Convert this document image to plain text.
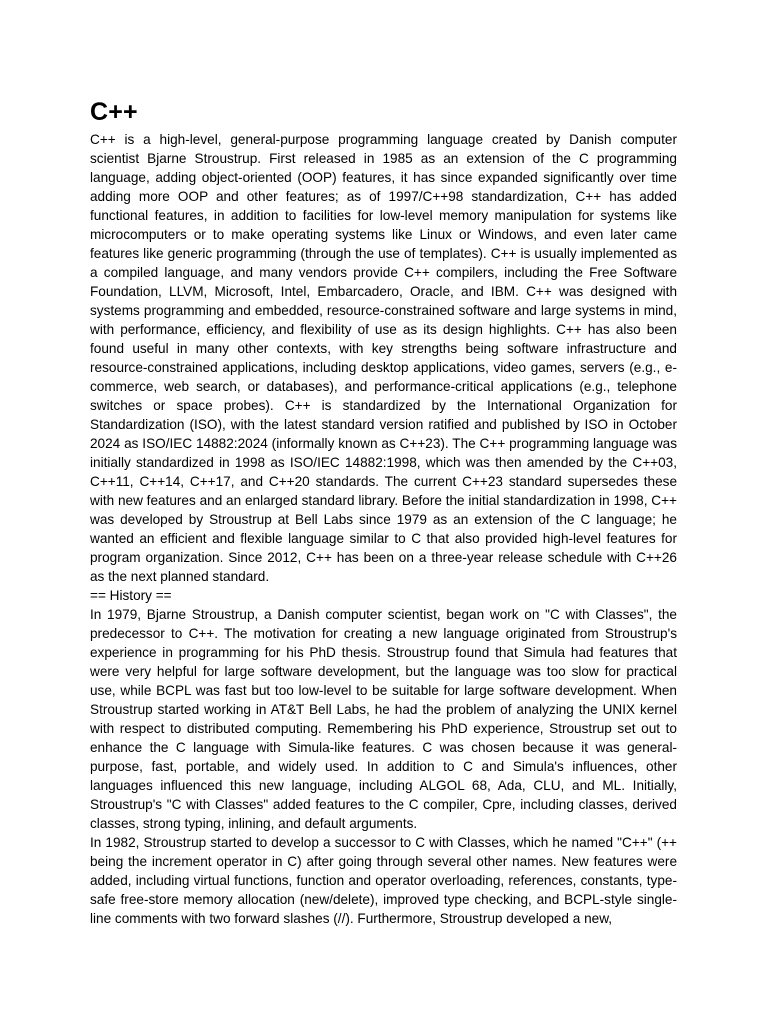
C++

C++ is a high-level, general-purpose programming language created by Danish computer scientist Bjarne Stroustrup. First released in 1985 as an extension of the C programming language, adding object-oriented (OOP) features, it has since expanded significantly over time adding more OOP and other features; as of 1997/C++98 standardization, C++ has added functional features, in addition to facilities for low-level memory manipulation for systems like microcomputers or to make operating systems like Linux or Windows, and even later came features like generic programming (through the use of templates). C++ is usually implemented as a compiled language, and many vendors provide C++ compilers, including the Free Software Foundation, LLVM, Microsoft, Intel, Embarcadero, Oracle, and IBM. C++ was designed with systems programming and embedded, resource-constrained software and large systems in mind, with performance, efficiency, and flexibility of use as its design highlights. C++ has also been found useful in many other contexts, with key strengths being software infrastructure and resource-constrained applications, including desktop applications, video games, servers (e.g., e-commerce, web search, or databases), and performance-critical applications (e.g., telephone switches or space probes). C++ is standardized by the International Organization for Standardization (ISO), with the latest standard version ratified and published by ISO in October 2024 as ISO/IEC 14882:2024 (informally known as C++23). The C++ programming language was initially standardized in 1998 as ISO/IEC 14882:1998, which was then amended by the C++03, C++11, C++14, C++17, and C++20 standards. The current C++23 standard supersedes these with new features and an enlarged standard library. Before the initial standardization in 1998, C++ was developed by Stroustrup at Bell Labs since 1979 as an extension of the C language; he wanted an efficient and flexible language similar to C that also provided high-level features for program organization. Since 2012, C++ has been on a three-year release schedule with C++26 as the next planned standard.

== History ==

In 1979, Bjarne Stroustrup, a Danish computer scientist, began work on "C with Classes", the predecessor to C++. The motivation for creating a new language originated from Stroustrup's experience in programming for his PhD thesis. Stroustrup found that Simula had features that were very helpful for large software development, but the language was too slow for practical use, while BCPL was fast but too low-level to be suitable for large software development. When Stroustrup started working in AT&T Bell Labs, he had the problem of analyzing the UNIX kernel with respect to distributed computing. Remembering his PhD experience, Stroustrup set out to enhance the C language with Simula-like features. C was chosen because it was general-purpose, fast, portable, and widely used. In addition to C and Simula's influences, other languages influenced this new language, including ALGOL 68, Ada, CLU, and ML. Initially, Stroustrup's "C with Classes" added features to the C compiler, Cpre, including classes, derived classes, strong typing, inlining, and default arguments.

In 1982, Stroustrup started to develop a successor to C with Classes, which he named "C++" (++ being the increment operator in C) after going through several other names. New features were added, including virtual functions, function and operator overloading, references, constants, type-safe free-store memory allocation (new/delete), improved type checking, and BCPL-style single-line comments with two forward slashes (//). Furthermore, Stroustrup developed a new,
